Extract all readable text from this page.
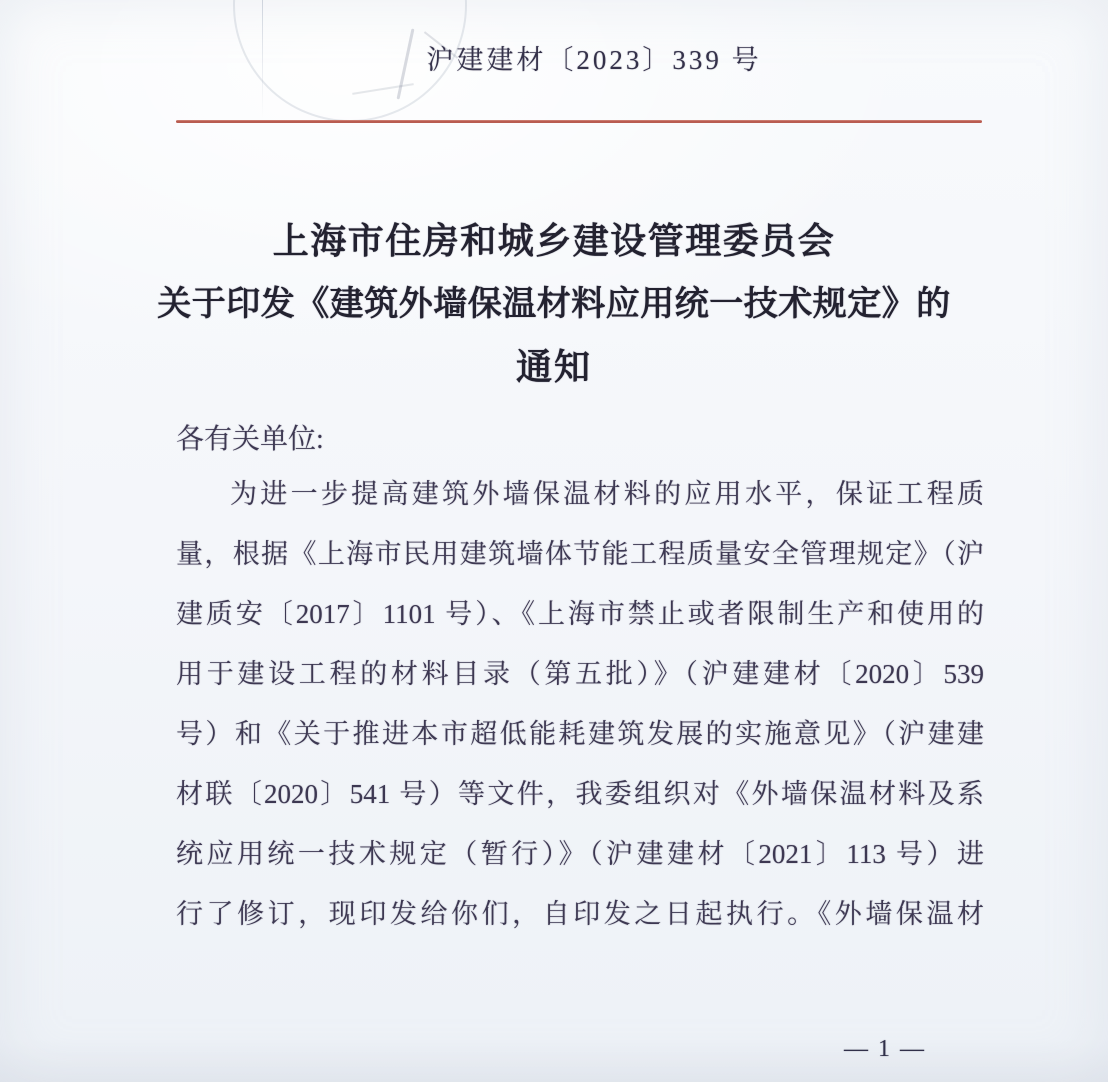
沪建建材〔2023〕339 号
上海市住房和城乡建设管理委员会
关于印发《建筑外墙保温材料应用统一技术规定》的
通知
各有关单位:
为进一步提高建筑外墙保温材料的应用水平，保证工程质
量，根据《上海市民用建筑墙体节能工程质量安全管理规定》（沪
建质安〔2017〕1101 号）、《上海市禁止或者限制生产和使用的
用于建设工程的材料目录（第五批）》（沪建建材〔2020〕539
号）和《关于推进本市超低能耗建筑发展的实施意见》（沪建建
材联〔2020〕541 号）等文件，我委组织对《外墙保温材料及系
统应用统一技术规定（暂行）》（沪建建材〔2021〕113 号）进
行了修订，现印发给你们，自印发之日起执行。《外墙保温材
— 1 —
